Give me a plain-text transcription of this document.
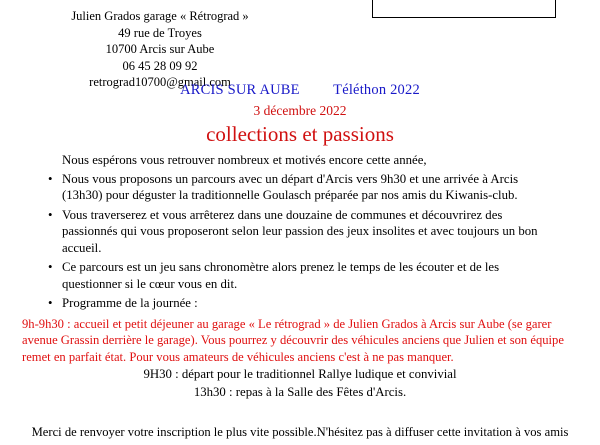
Julien Grados garage « Rétrograd »
49 rue de Troyes
10700 Arcis sur Aube
06 45 28 09 92
retrograd10700@gmail.com
ARCIS SUR AUBE Téléthon 2022
3 décembre 2022
collections et passions

Nous espérons vous retrouver nombreux et motivés encore cette année,

• Nous vous proposons un parcours avec un départ d'Arcis vers 9h30 et une arrivée à Arcis (13h30) pour déguster la traditionnelle Goulasch préparée par nos amis du Kiwanis-club.
• Vous traverserez et vous arrêterez dans une douzaine de communes et découvrirez des passionnés qui vous proposeront selon leur passion des jeux insolites et avec toujours un bon accueil.
• Ce parcours est un jeu sans chronomètre alors prenez le temps de les écouter et de les questionner si le cœur vous en dit.
• Programme de la journée :

9h-9h30 : accueil et petit déjeuner au garage « Le rétrograd » de Julien Grados à Arcis sur Aube (se garer avenue Grassin derrière le garage). Vous pourrez y découvrir des véhicules anciens que Julien et son équipe remet en parfait état. Pour vous amateurs de véhicules anciens c'est à ne pas manquer.

9H30 : départ pour le traditionnel Rallye ludique et convivial
13h30 : repas à la Salle des Fêtes d'Arcis.
Merci de renvoyer votre inscription le plus vite possible.N'hésitez pas à diffuser cette invitation à vos amis
